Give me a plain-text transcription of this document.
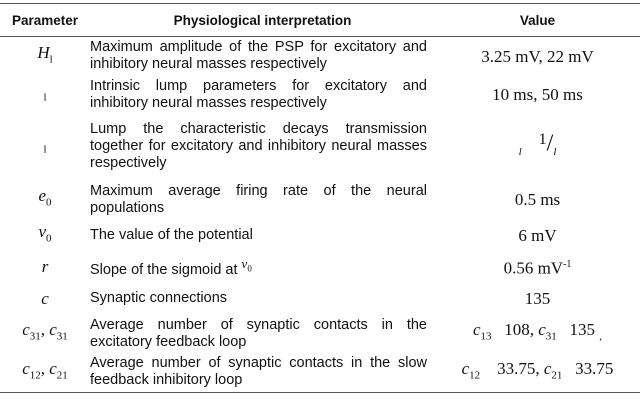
Parameter	Physiological interpretation	Value
$H_l$	Maximum amplitude of the PSP for excitatory and inhibitory neural masses respectively	3.25 mV, 22 mV
$_l$	Intrinsic lump parameters for excitatory and inhibitory neural masses respectively	10 ms, 50 ms
$_l$	Lump the characteristic decays transmission together for excitatory and inhibitory neural masses respectively	$_l$    $^1/_l$
$e_0$	Maximum average firing rate of the neural populations	0.5 ms
$v_0$	The value of the potential	6 mV
r	Slope of the sigmoid at $^{v_0}$	0.56 $mV^{-1}$
c	Synaptic connections	135
$c_{31}$, $c_{31}$	Average number of synaptic contacts in the excitatory feedback loop	$c_{13}$ 108, $c_{31}$ 135 $_,$
$c_{12}$, $c_{21}$	Average number of synaptic contacts in the slow feedback inhibitory loop	$c_{12}$ 33.75, $c_{21}$ 33.75
